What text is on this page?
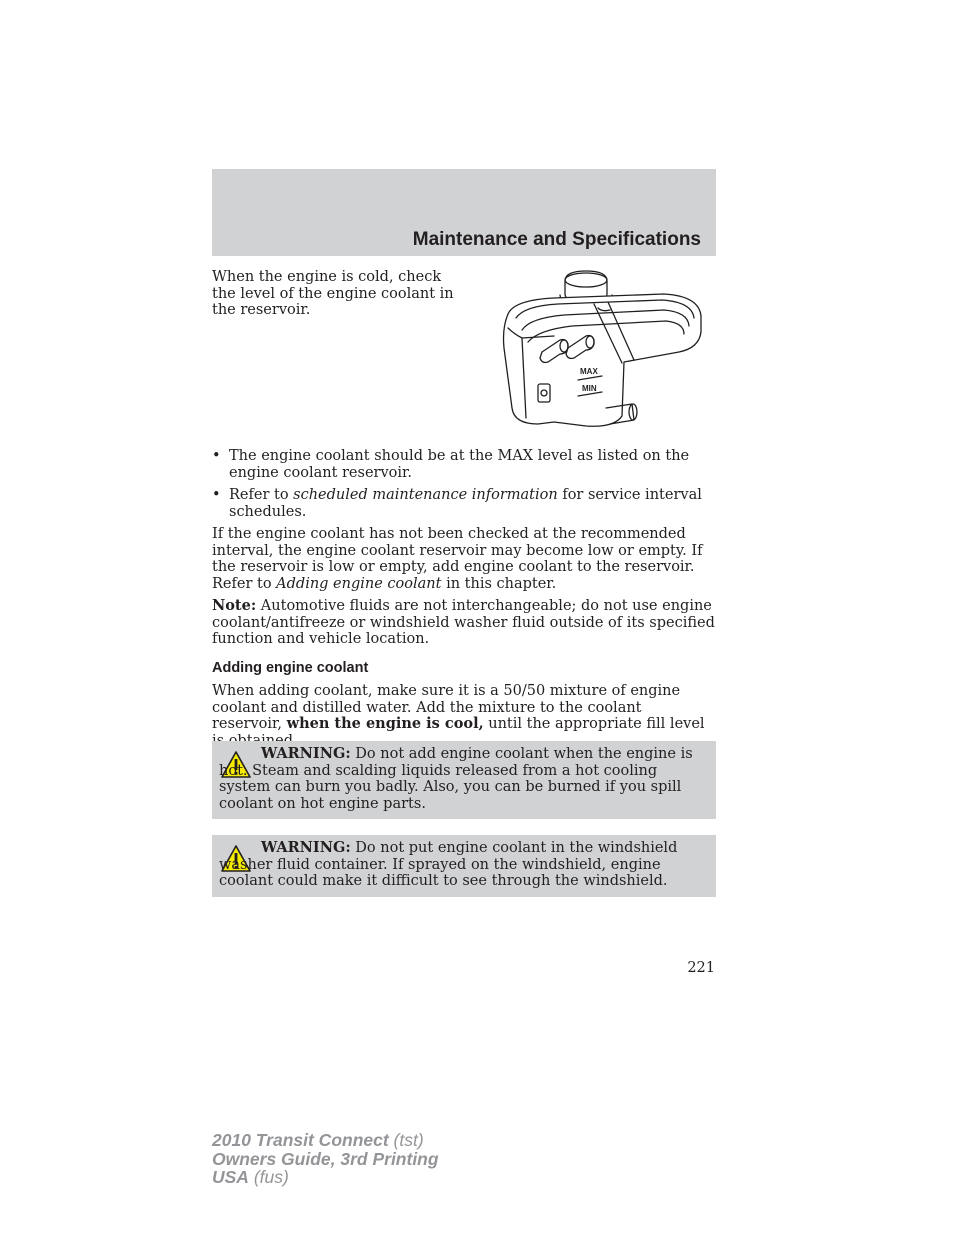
Maintenance and Specifications

When the engine is cold, check the level of the engine coolant in the reservoir.

MAX
MIN
• The engine coolant should be at the MAX level as listed on the engine coolant reservoir.
• Refer to scheduled maintenance information for service interval schedules.

If the engine coolant has not been checked at the recommended interval, the engine coolant reservoir may become low or empty. If the reservoir is low or empty, add engine coolant to the reservoir. Refer to Adding engine coolant in this chapter.

Note: Automotive fluids are not interchangeable; do not use engine coolant/antifreeze or windshield washer fluid outside of its specified function and vehicle location.

Adding engine coolant

When adding coolant, make sure it is a 50/50 mixture of engine coolant and distilled water. Add the mixture to the coolant reservoir, when the engine is cool, until the appropriate fill level

WARNING: Do not add engine coolant when the engine is hot. Steam and scalding liquids released from a hot cooling system can burn you badly. Also, you can be burned if you spill coolant on hot engine parts.
WARNING: Do not put engine coolant in the windshield washer fluid container. If sprayed on the windshield, engine coolant could make it difficult to see through the windshield.
221
2010 Transit Connect (tst)
Owners Guide, 3rd Printing
USA (fus)
